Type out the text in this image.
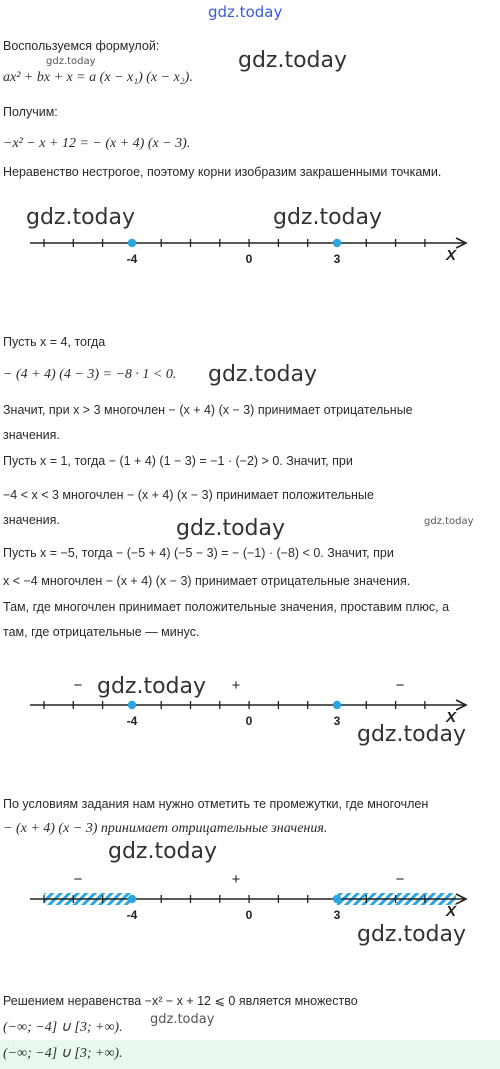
gdz.today
Воспользуемся формулой:
gdz.today
ax² + bx + x = a (x − x₁) (x − x₂).
gdz.today
Получим:
−x² − x + 12 = − (x + 4) (x − 3).
Неравенство нестрогое, поэтому корни изобразим закрашенными точками.
gdz.today	gdz.today
-4	0	3	X
Пусть x = 4, тогда
− (4 + 4) (4 − 3) = −8 · 1 < 0. gdz.today
Значит, при x > 3 многочлен − (x + 4) (x − 3) принимает отрицательные
значения.
Пусть x = 1, тогда − (1 + 4) (1 − 3) = −1 · (−2) > 0. Значит, при
−4 < x < 3 многочлен − (x + 4) (x − 3) принимает положительные
значения.	gdz.today	gdz.today
Пусть x = −5, тогда − (−5 + 4) (−5 − 3) = − (−1) · (−8) < 0. Значит, при
x < −4 многочлен − (x + 4) (x − 3) принимает отрицательные значения.
Там, где многочлен принимает положительные значения, проставим плюс, а
там, где отрицательные — минус.
gdz.today
-4	0	3	X
−	+	−
gdz.today
По условиям задания нам нужно отметить те промежутки, где многочлен
− (x + 4) (x − 3) принимает отрицательные значения.
gdz.today
-4	0	3	X
−	+	−
gdz.today
Решением неравенства −x² − x + 12 ⩽ 0 является множество
(−∞; −4] ∪ [3; +∞).
gdz.today
(−∞; −4] ∪ [3; +∞).
